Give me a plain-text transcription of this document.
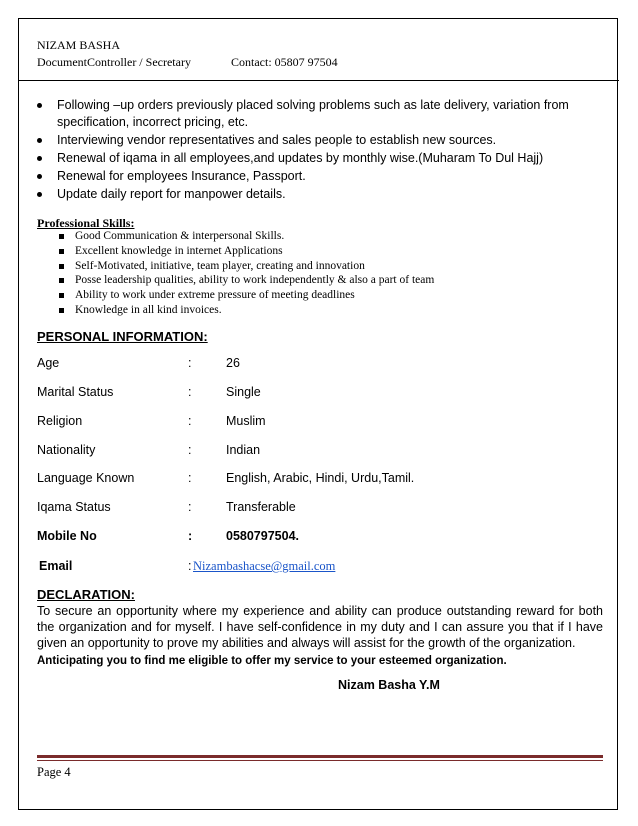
NIZAM BASHA
DocumentController / Secretary	Contact: 05807 97504
Following –up orders previously placed solving problems such as late delivery, variation from specification, incorrect pricing, etc.
Interviewing vendor representatives and sales people to establish new sources.
Renewal of iqama in all employees,and updates by monthly wise.(Muharam To Dul Hajj)
Renewal for employees Insurance, Passport.
Update daily report for manpower details.
Professional Skills:
Good Communication & interpersonal Skills.
Excellent knowledge in internet Applications
Self-Motivated, initiative, team player, creating and innovation
Posse leadership qualities, ability to work independently & also a part of team
Ability to work under extreme pressure of meeting deadlines
Knowledge in all kind invoices.
PERSONAL INFORMATION:
Age	:	26
Marital Status	:	Single
Religion	:	Muslim
Nationality	:	Indian
Language Known	:	English, Arabic, Hindi, Urdu,Tamil.
Iqama Status	:	Transferable
Mobile No	:	0580797504.
Email	: Nizambashacse@gmail.com
DECLARATION:
To secure an opportunity where my experience and ability can produce outstanding reward for both the organization and for myself. I have self-confidence in my duty and I can assure you that if I have given an opportunity to prove my abilities and always will assist for the growth of the organization.
Anticipating you to find me eligible to offer my service to your esteemed organization.
Nizam Basha Y.M
Page 4
